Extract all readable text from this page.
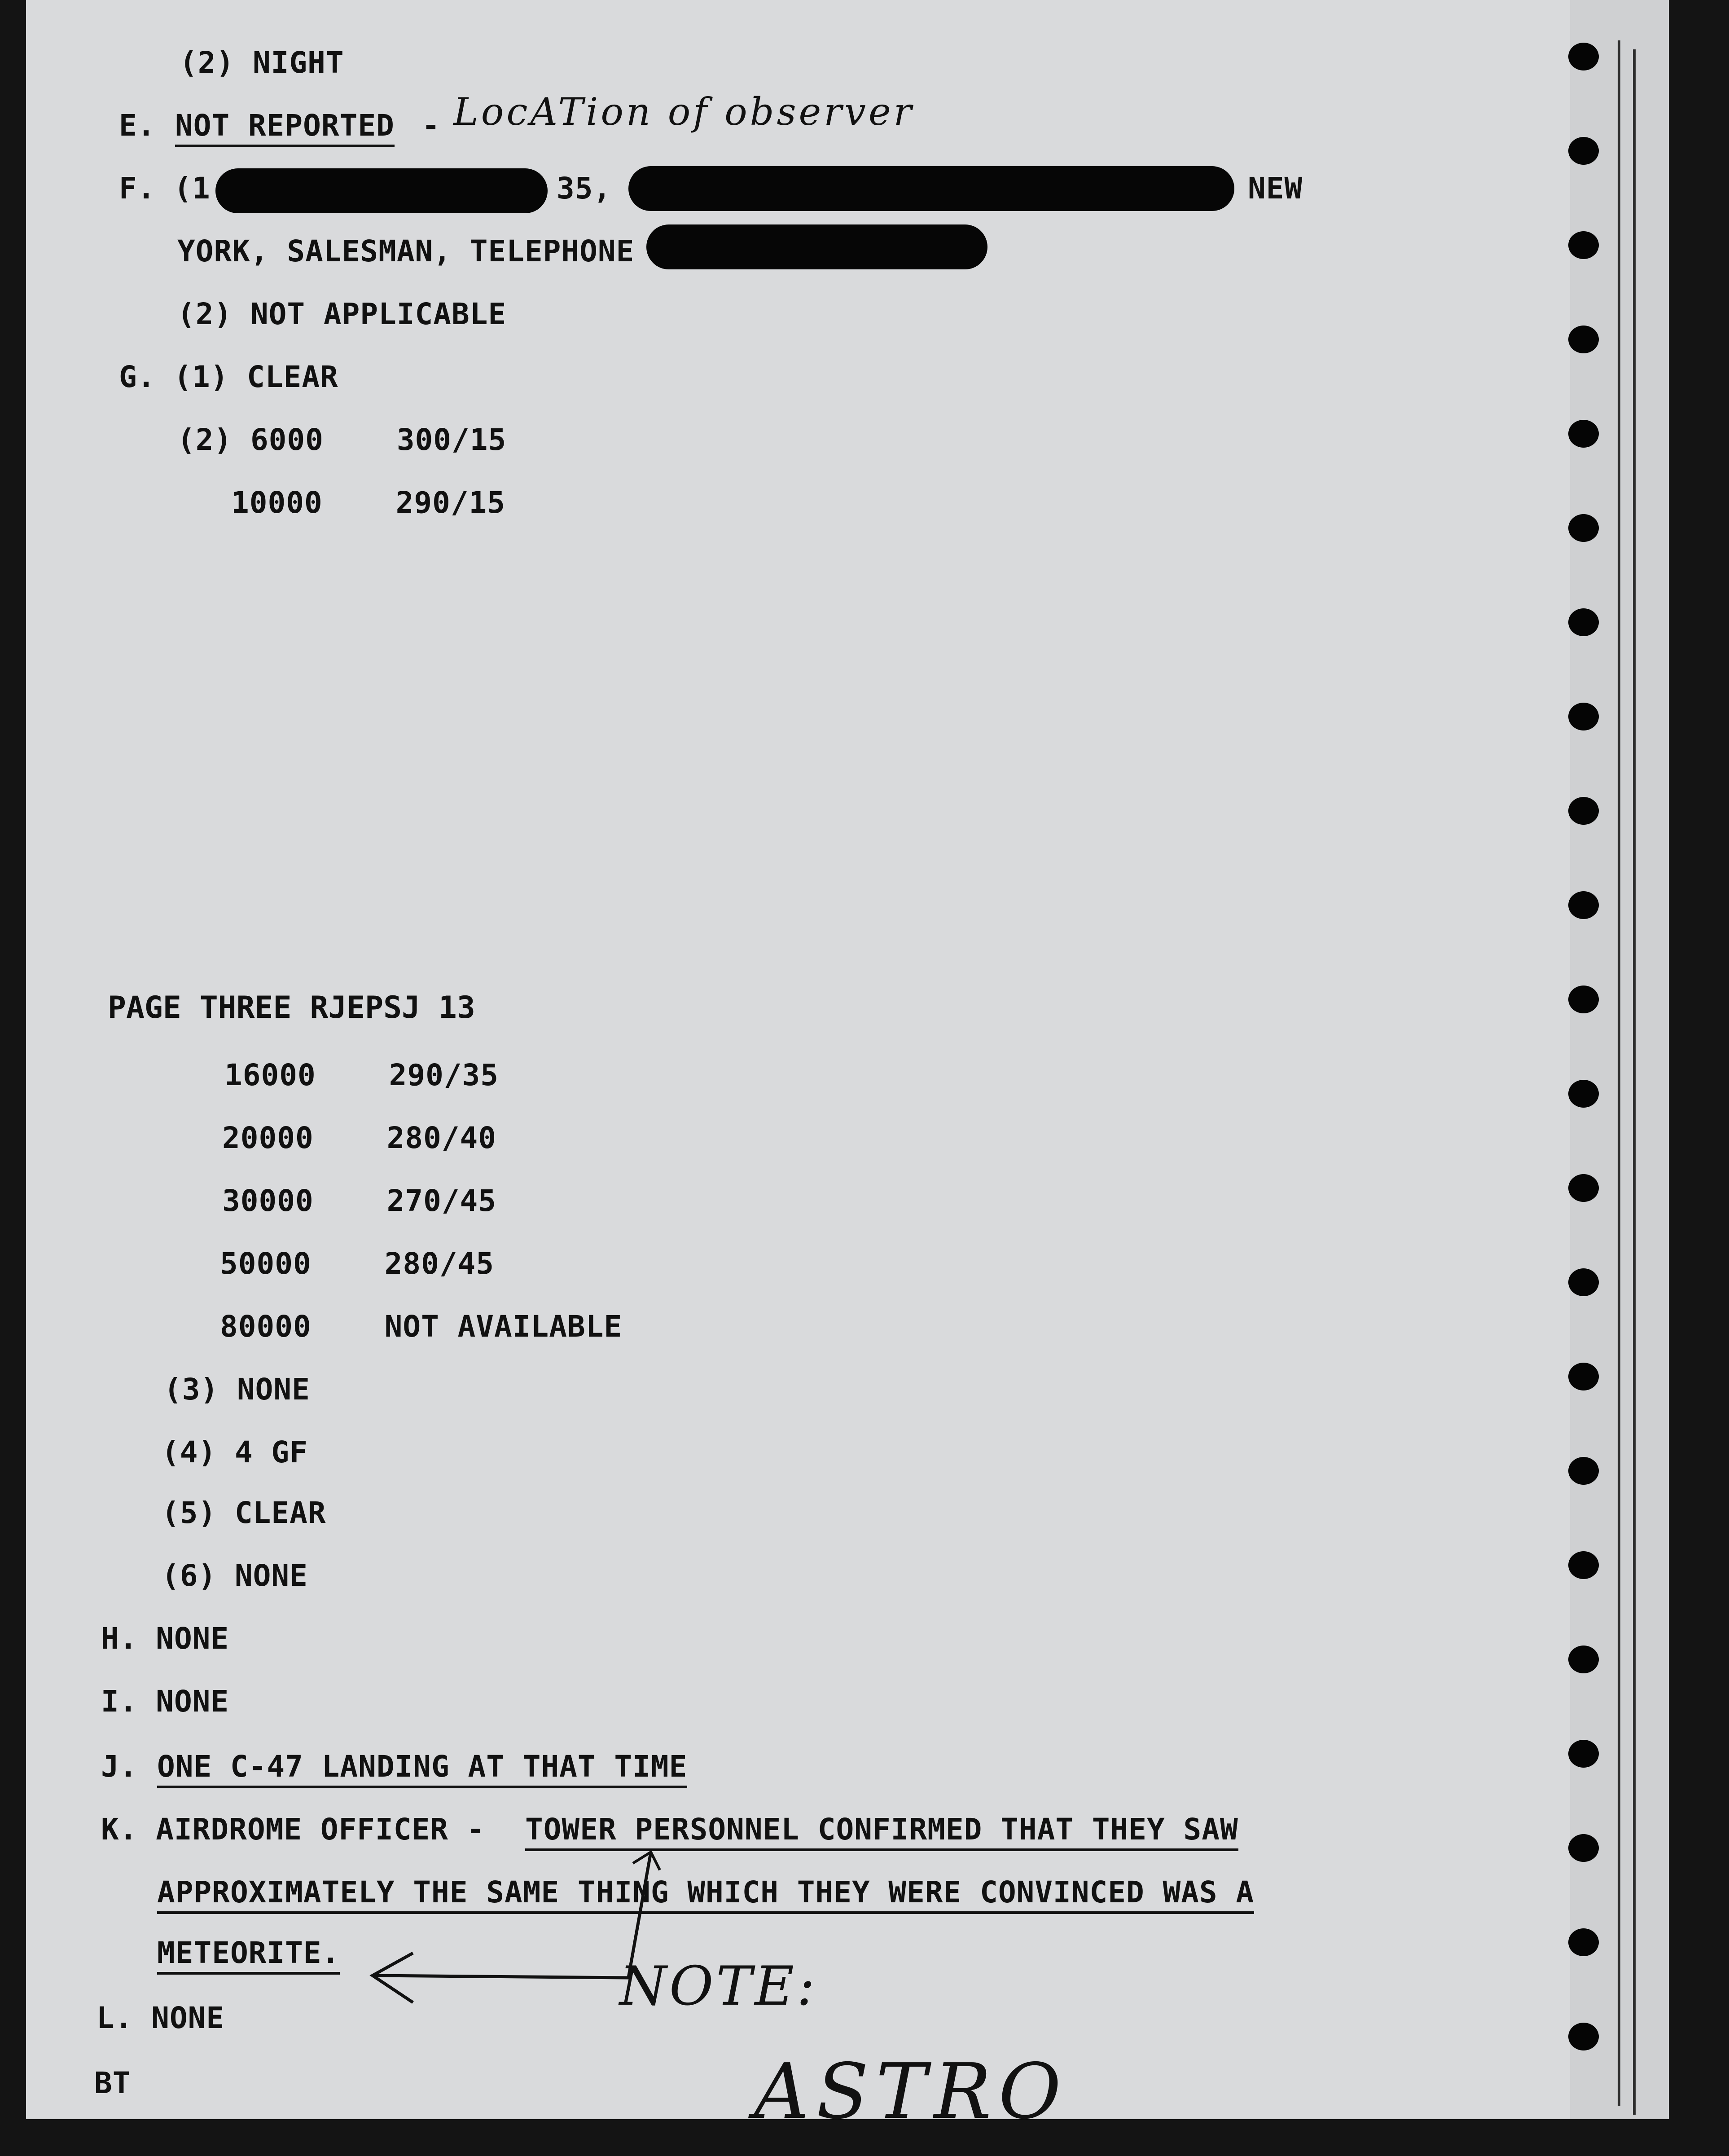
(2) NIGHT
E. NOT REPORTED - LocATion of observer
F. (1	35,	NEW
YORK, SALESMAN, TELEPHONE
(2) NOT APPLICABLE
G. (1) CLEAR
(2) 6000    300/15
10000    290/15
PAGE THREE RJEPSJ 13
16000    290/35
20000    280/40
30000    270/45
50000    280/45
80000    NOT AVAILABLE
(3) NONE
(4) 4 GF
(5) CLEAR
(6) NONE
H. NONE
I. NONE
J. ONE C-47 LANDING AT THAT TIME
K. AIRDROME OFFICER - TOWER PERSONNEL CONFIRMED THAT THEY SAW
APPROXIMATELY THE SAME THING WHICH THEY WERE CONVINCED WAS A
METEORITE.
NOTE:
L. NONE
BT	ASTRO
